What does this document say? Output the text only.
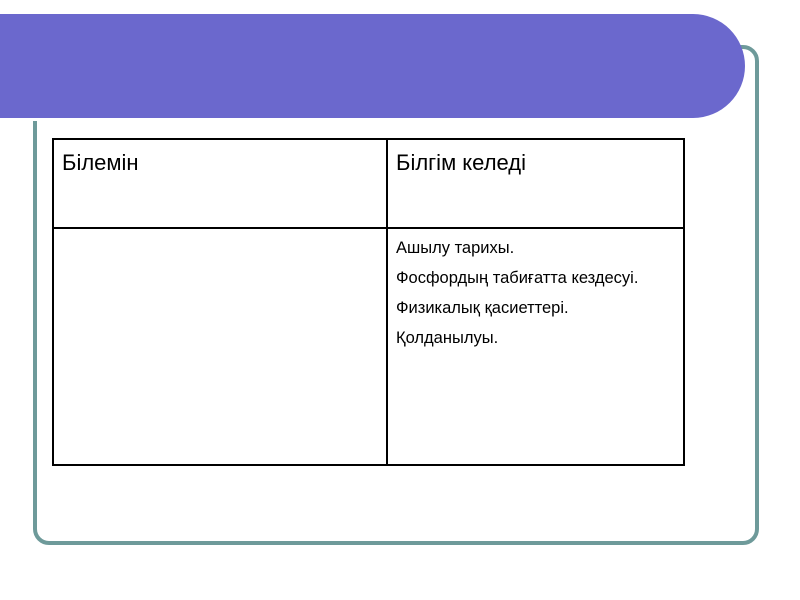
Білемін	Білгім келеді

	Ашылу тарихы.
Фосфордың табиғатта кездесуі.
Физикалық қасиеттері.
Қолданылуы.
